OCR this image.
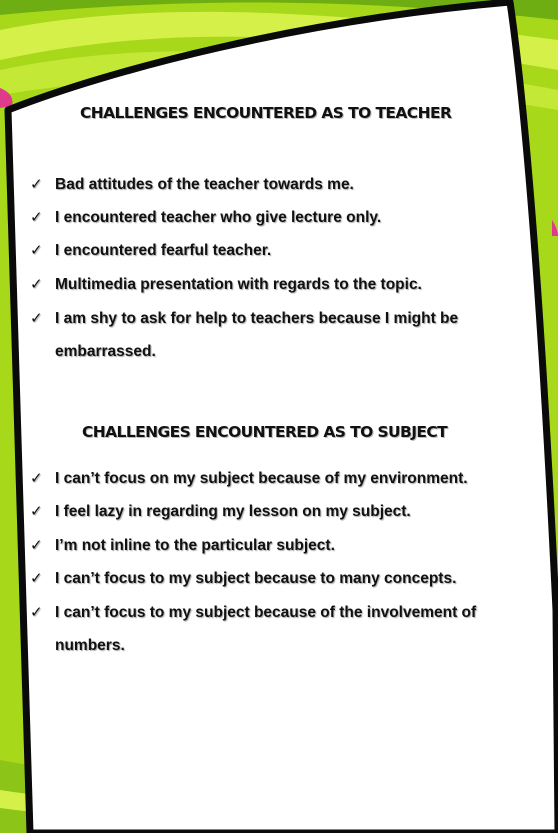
CHALLENGES ENCOUNTERED AS TO TEACHER
✓ Bad attitudes of the teacher towards me.
✓ I encountered teacher who give lecture only.
✓ I encountered fearful teacher.
✓ Multimedia presentation with regards to the topic.
✓ I am shy to ask for help to teachers because I might be embarrassed.
CHALLENGES ENCOUNTERED AS TO SUBJECT
✓ I can’t focus on my subject because of my environment.
✓ I feel lazy in regarding my lesson on my subject.
✓ I’m not inline to the particular subject.
✓ I can’t focus to my subject because to many concepts.
✓ I can’t focus to my subject because of the involvement of numbers.
